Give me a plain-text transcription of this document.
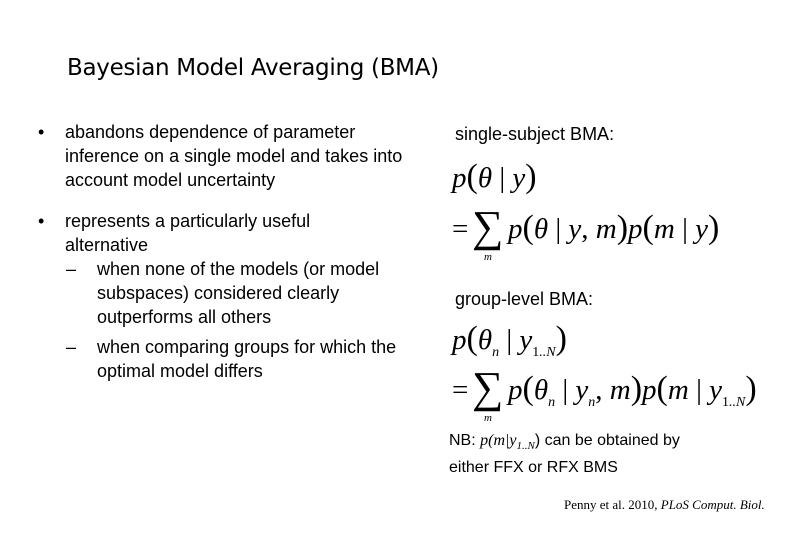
Bayesian Model Averaging (BMA)
• abandons dependence of parameter inference on a single model and takes into account model uncertainty
• represents a particularly useful alternative
– when none of the models (or model subspaces) considered clearly outperforms all others
– when comparing groups for which the optimal model differs
single-subject BMA:
p(θ | y)
= ∑
m
p(θ | y, m)p(m | y)
group-level BMA:
$p(\theta_n$ | $y_{1..N}$)
= ∑
m
$p(\theta_n$ | $y_n$, m)p(m | $y_{1..N}$)
NB: $p(m|y_{1..N})$ can be obtained by either FFX or RFX BMS
Penny et al. 2010, PLoS Comput. Biol.
